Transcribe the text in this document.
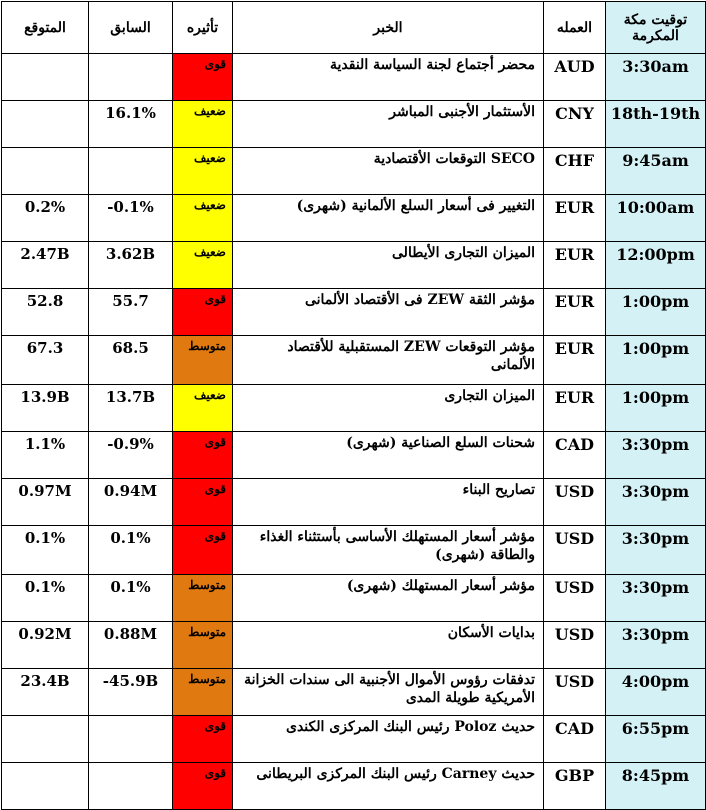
المتوقع	السابق	تأثيره	الخبر	العمله	توقيت مكة المكرمة
		قوى	محضر أجتماع لجنة السياسة النقدية	AUD	3:30am
	16.1%	ضعيف	الأستثمار الأجنبى المباشر	CNY	18th-19th
		ضعيف	SECO التوقعات الأقتصادية	CHF	9:45am
0.2%	-0.1%	ضعيف	التغيير فى أسعار السلع الألمانية (شهرى)	EUR	10:00am
2.47B	3.62B	ضعيف	الميزان التجارى الأيطالى	EUR	12:00pm
52.8	55.7	قوى	مؤشر الثقة ZEW فى الأقتصاد الألمانى	EUR	1:00pm
67.3	68.5	متوسط	مؤشر التوقعات ZEW المستقبلية للأقتصاد الألمانى	EUR	1:00pm
13.9B	13.7B	ضعيف	الميزان التجارى	EUR	1:00pm
1.1%	-0.9%	قوى	شحنات السلع الصناعية (شهرى)	CAD	3:30pm
0.97M	0.94M	قوى	تصاريح البناء	USD	3:30pm
0.1%	0.1%	قوى	مؤشر أسعار المستهلك الأساسى بأستثناء الغذاء والطاقة (شهرى)	USD	3:30pm
0.1%	0.1%	متوسط	مؤشر أسعار المستهلك (شهرى)	USD	3:30pm
0.92M	0.88M	متوسط	بدايات الأسكان	USD	3:30pm
23.4B	-45.9B	متوسط	تدفقات رؤوس الأموال الأجنبية الى سندات الخزانة الأمريكية طويلة المدى	USD	4:00pm
		قوى	حديث Poloz رئيس البنك المركزى الكندى	CAD	6:55pm
		قوى	حديث Carney رئيس البنك المركزى البريطانى	GBP	8:45pm
